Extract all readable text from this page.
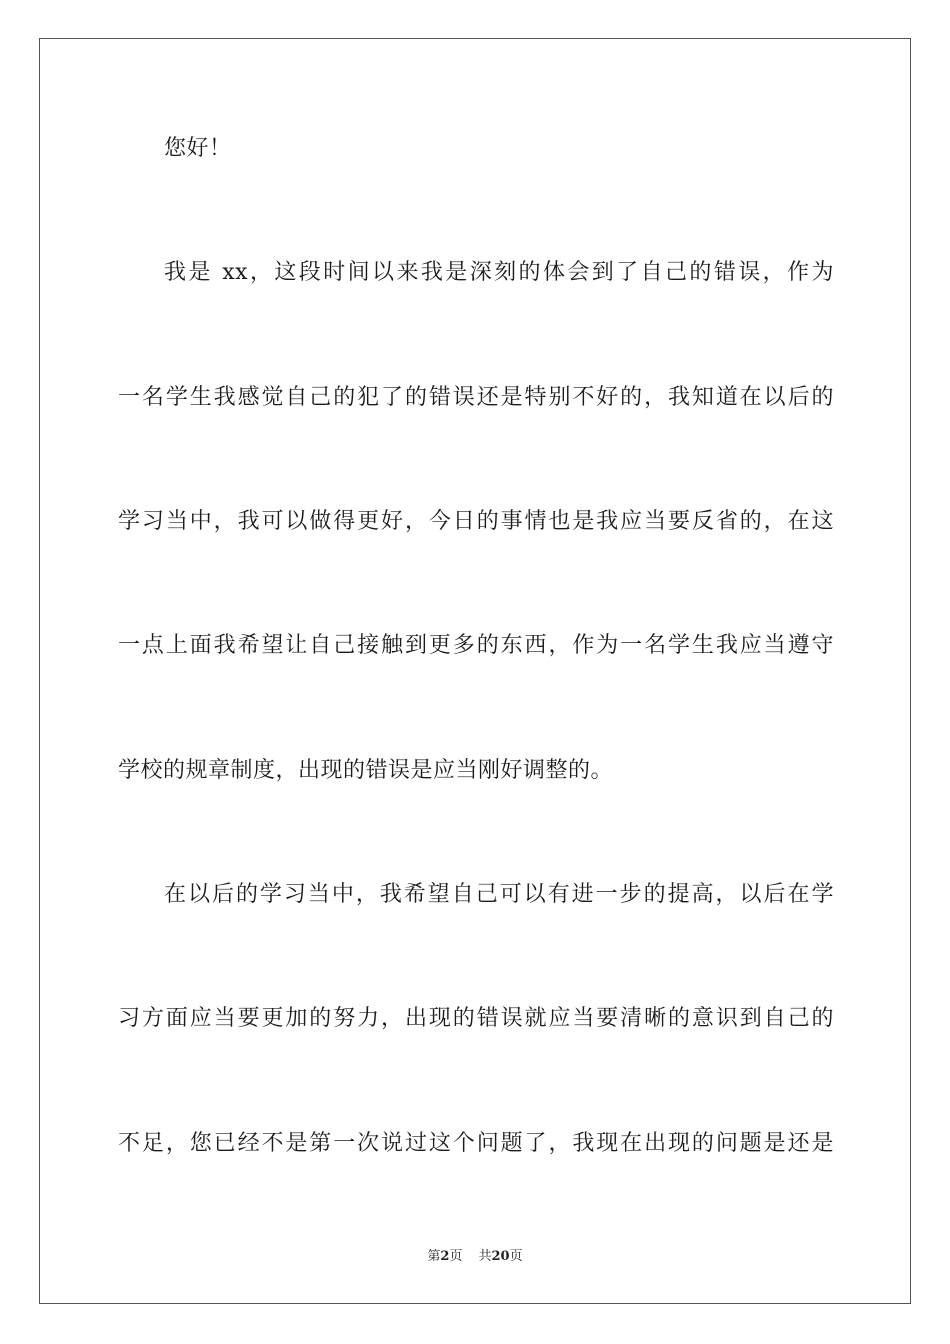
您好！
我是 xx，这段时间以来我是深刻的体会到了自己的错误，作为
一名学生我感觉自己的犯了的错误还是特别不好的，我知道在以后的
学习当中，我可以做得更好，今日的事情也是我应当要反省的，在这
一点上面我希望让自己接触到更多的东西，作为一名学生我应当遵守
学校的规章制度，出现的错误是应当刚好调整的。
在以后的学习当中，我希望自己可以有进一步的提高，以后在学
习方面应当要更加的努力，出现的错误就应当要清晰的意识到自己的
不足，您已经不是第一次说过这个问题了，我现在出现的问题是还是
第2页 共20页
